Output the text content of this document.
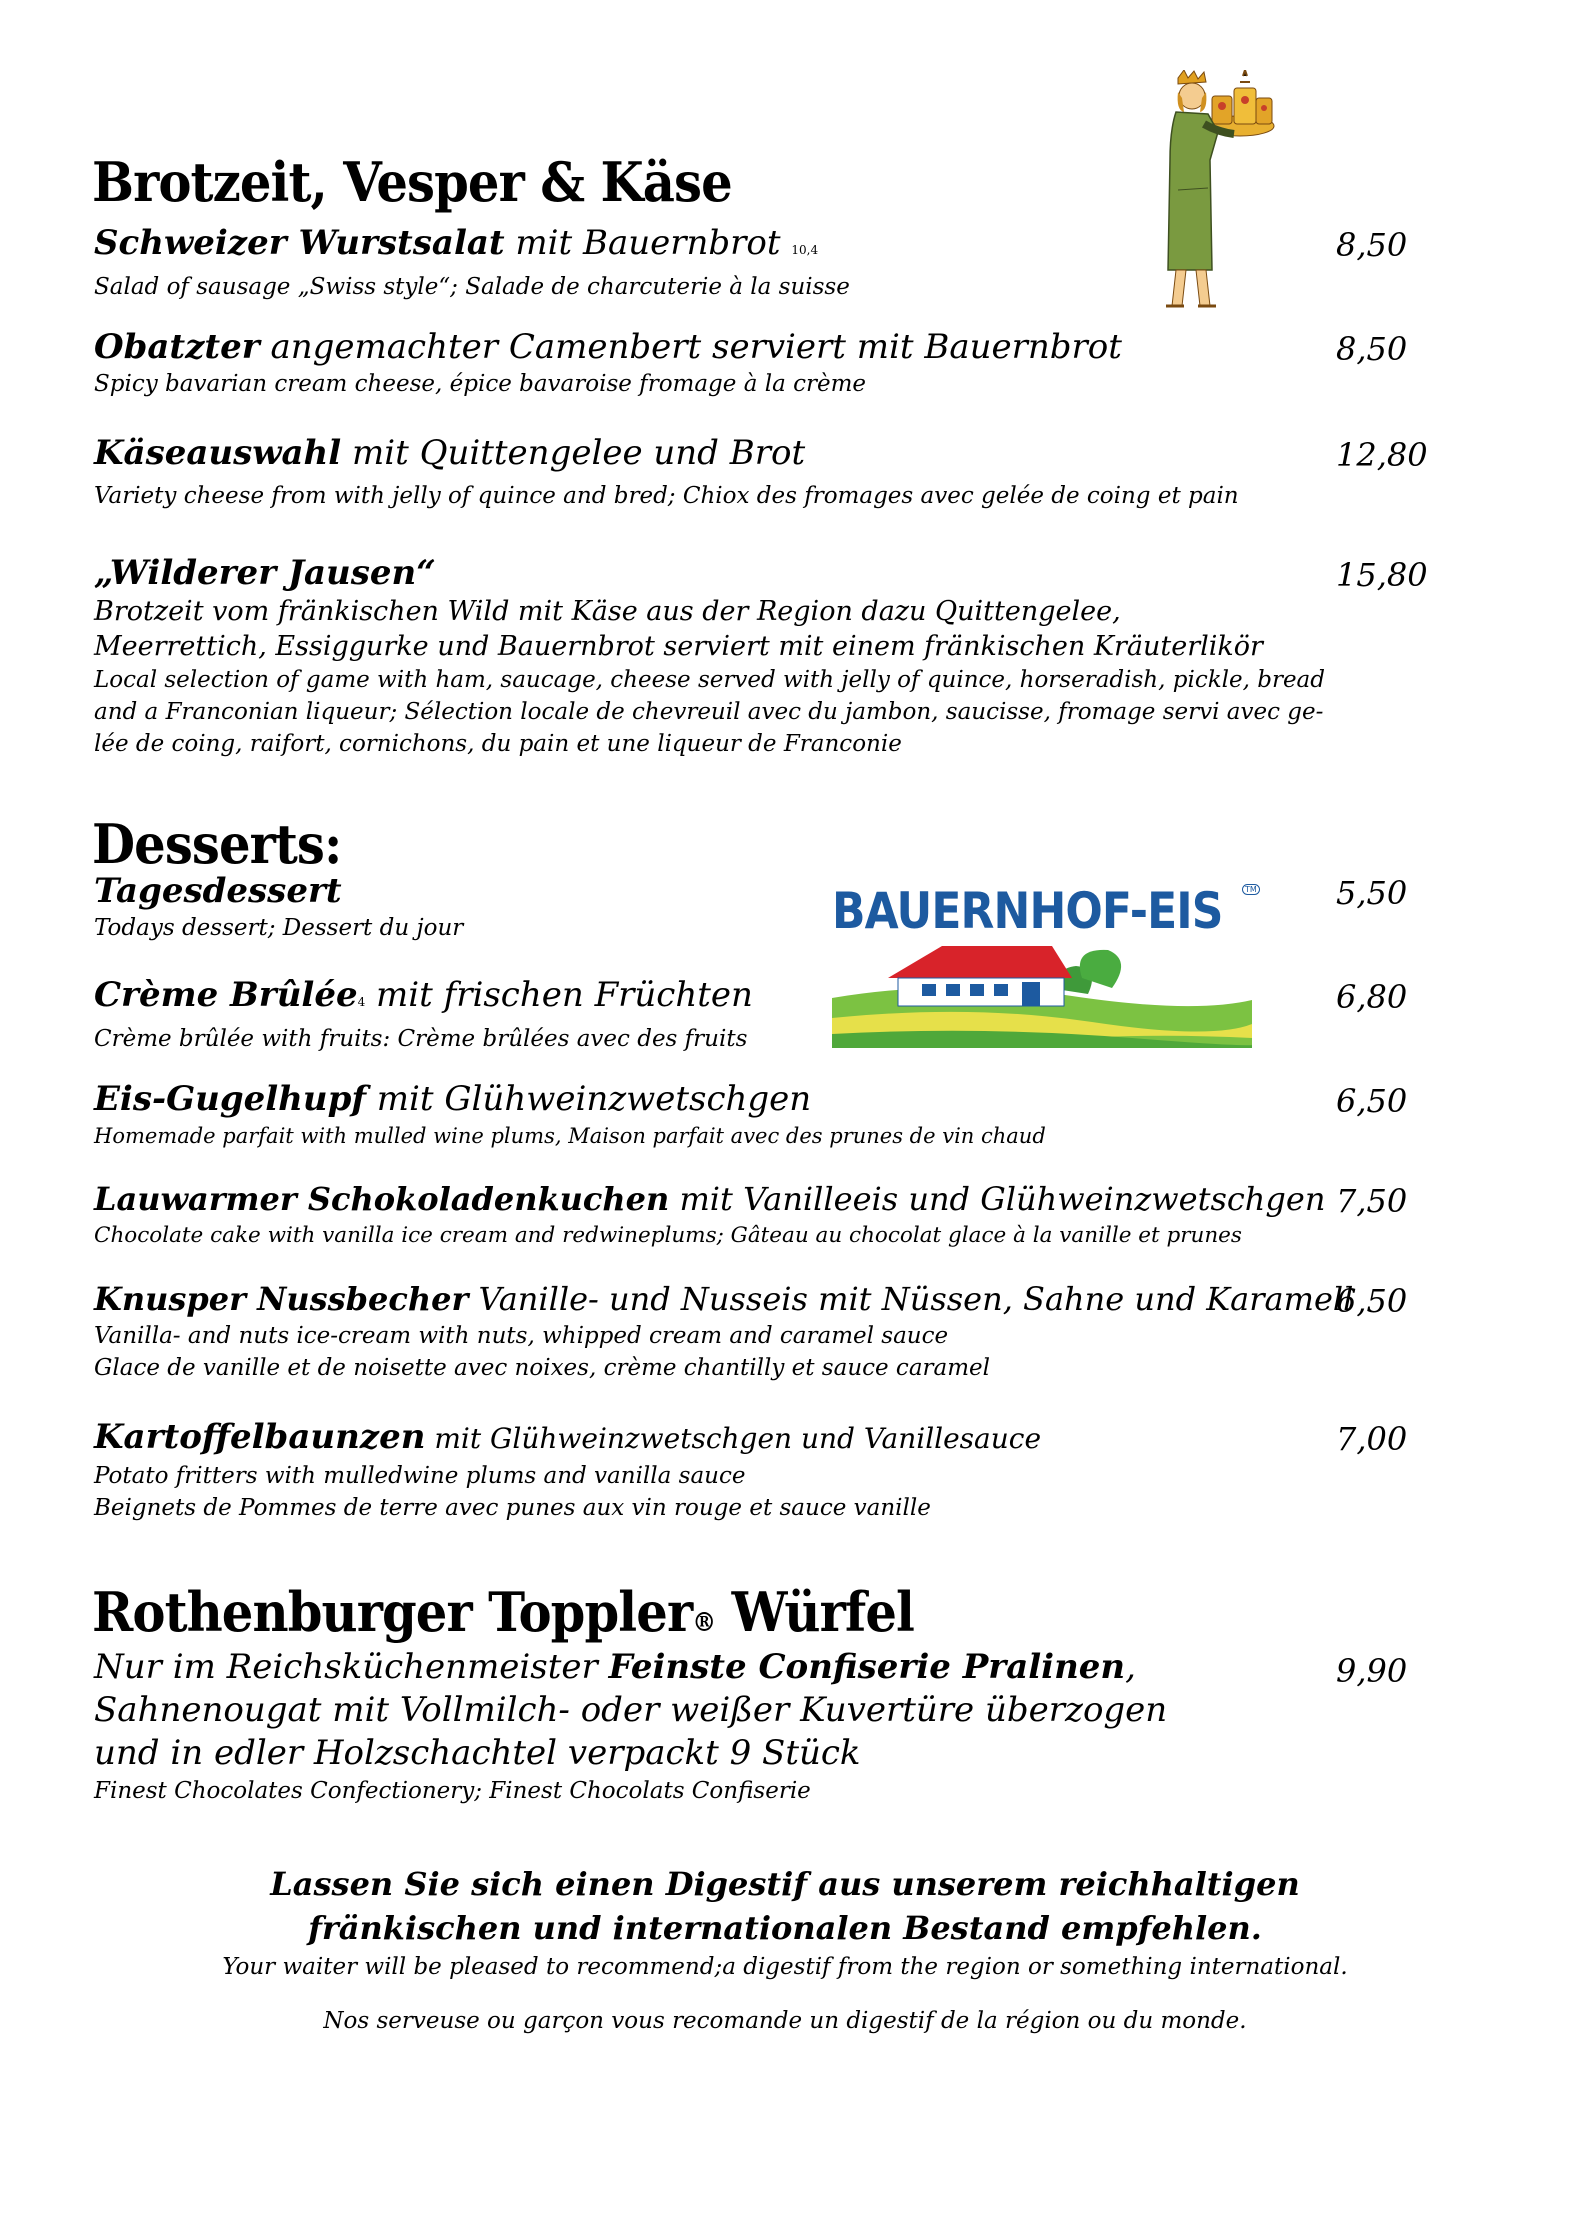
Brotzeit, Vesper & Käse
Schweizer Wurstsalat mit Bauernbrot 10,4
Salad of sausage „Swiss style“; Salade de charcuterie à la suisse
8,50
Obatzter angemachter Camenbert serviert mit Bauernbrot
Spicy bavarian cream cheese, épice bavaroise fromage à la crème
8,50
Käseauswahl mit Quittengelee und Brot
Variety cheese from with jelly of quince and bred; Chiox des fromages avec gelée de coing et pain
12,80
„Wilderer Jausen“
Brotzeit vom fränkischen Wild mit Käse aus der Region dazu Quittengelee,
Meerrettich, Essiggurke und Bauernbrot serviert mit einem fränkischen Kräuterlikör
Local selection of game with ham, saucage, cheese served with jelly of quince, horseradish, pickle, bread
and a Franconian liqueur; Sélection locale de chevreuil avec du jambon, saucisse, fromage servi avec ge-
lée de coing, raifort, cornichons, du pain et une liqueur de Franconie
15,80
Desserts:
BAUERNHOF-EIS	TM
Tagesdessert
Todays dessert; Dessert du jour
5,50
Crème Brûlée4 mit frischen Früchten
Crème brûlée with fruits: Crème brûlées avec des fruits
6,80
Eis-Gugelhupf mit Glühweinzwetschgen
Homemade parfait with mulled wine plums, Maison parfait avec des prunes de vin chaud
6,50
Lauwarmer Schokoladenkuchen mit Vanilleeis und Glühweinzwetschgen
Chocolate cake with vanilla ice cream and redwineplums; Gâteau au chocolat glace à la vanille et prunes
7,50
Knusper Nussbecher Vanille- und Nusseis mit Nüssen, Sahne und Karamell
Vanilla- and nuts ice-cream with nuts, whipped cream and caramel sauce
Glace de vanille et de noisette avec noixes, crème chantilly et sauce caramel
6,50
Kartoffelbaunzen mit Glühweinzwetschgen und Vanillesauce
Potato fritters with mulledwine plums and vanilla sauce
Beignets de Pommes de terre avec punes aux vin rouge et sauce vanille
7,00
Rothenburger Toppler® Würfel
Nur im Reichsküchenmeister Feinste Confiserie Pralinen,
Sahnenougat mit Vollmilch- oder weißer Kuvertüre überzogen
und in edler Holzschachtel verpackt 9 Stück
Finest Chocolates Confectionery; Finest Chocolats Confiserie
9,90
Lassen Sie sich einen Digestif aus unserem reichhaltigen
fränkischen und internationalen Bestand empfehlen.
Your waiter will be pleased to recommend;a digestif from the region or something international.
Nos serveuse ou garçon vous recomande un digestif de la région ou du monde.
